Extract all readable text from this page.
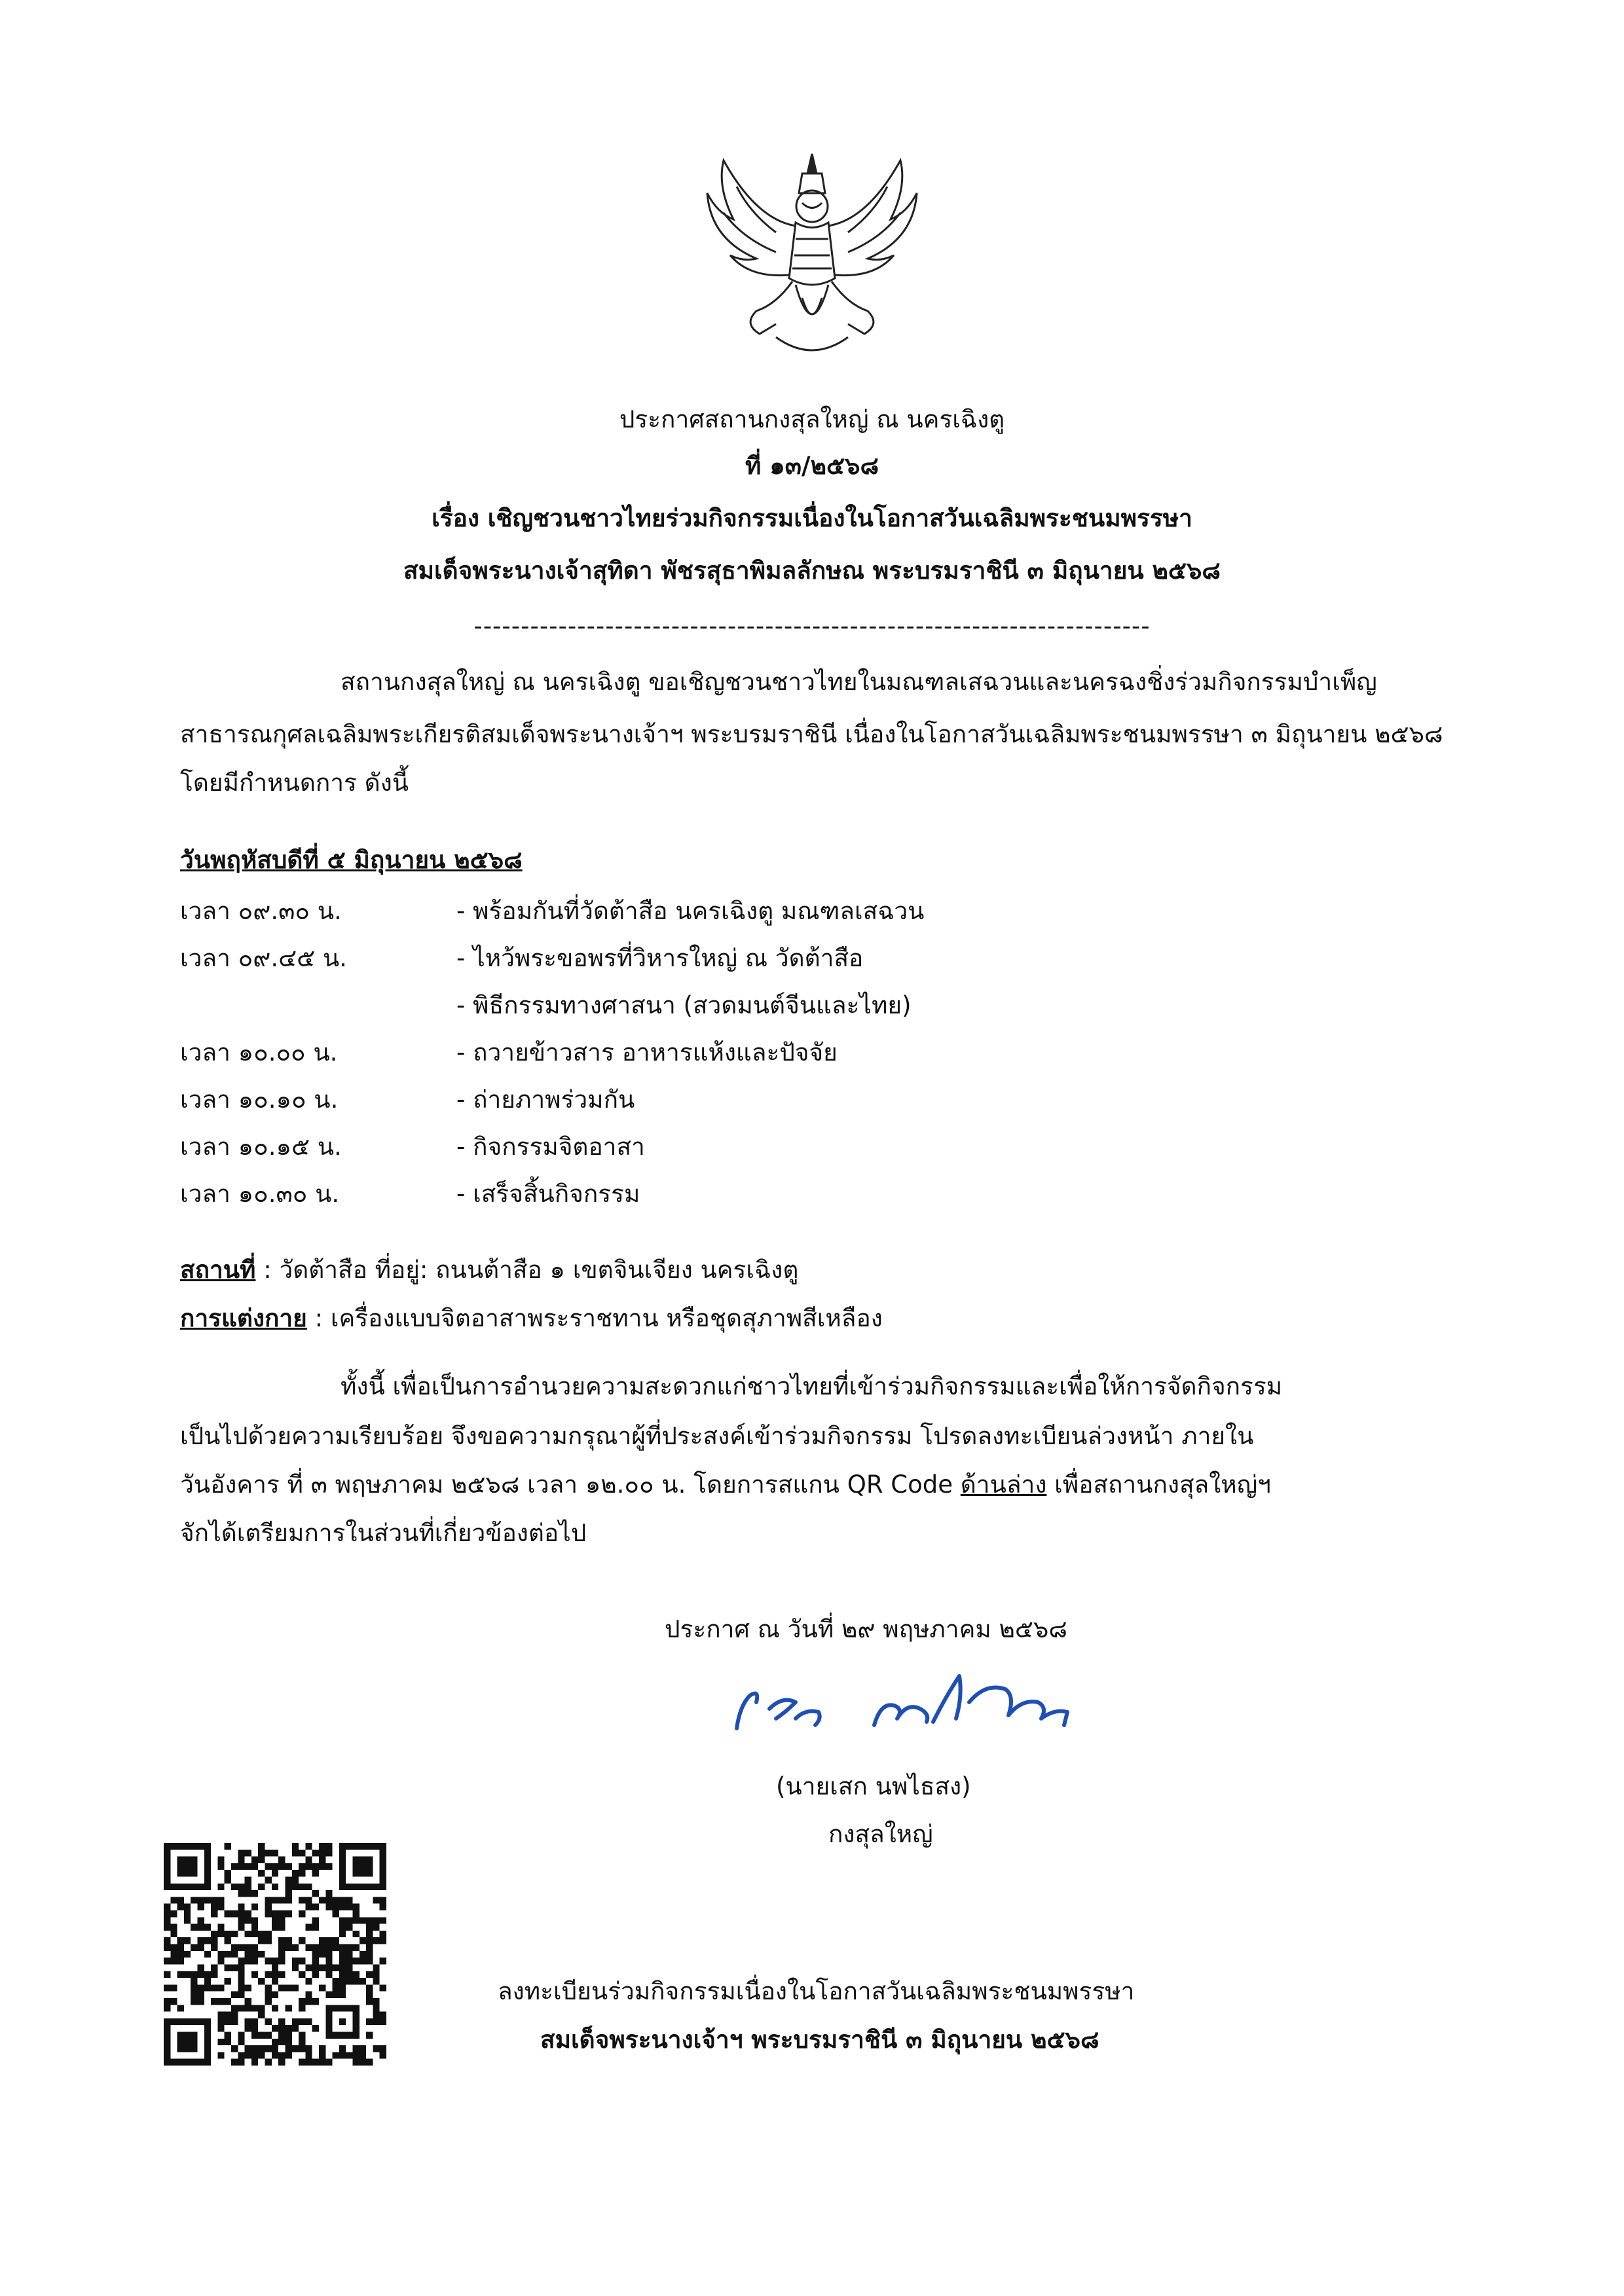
ประกาศสถานกงสุลใหญ่ ณ นครเฉิงตู
ที่ ๑๓/๒๕๖๘
เรื่อง เชิญชวนชาวไทยร่วมกิจกรรมเนื่องในโอกาสวันเฉลิมพระชนมพรรษา
สมเด็จพระนางเจ้าสุทิดา พัชรสุธาพิมลลักษณ พระบรมราชินี ๓ มิถุนายน ๒๕๖๘
------------------------------------------------------------------------
สถานกงสุลใหญ่ ณ นครเฉิงตู ขอเชิญชวนชาวไทยในมณฑลเสฉวนและนครฉงชิ่งร่วมกิจกรรมบำเพ็ญ
สาธารณกุศลเฉลิมพระเกียรติสมเด็จพระนางเจ้าฯ พระบรมราชินี เนื่องในโอกาสวันเฉลิมพระชนมพรรษา ๓ มิถุนายน ๒๕๖๘
โดยมีกำหนดการ ดังนี้
วันพฤหัสบดีที่ ๕ มิถุนายน ๒๕๖๘
เวลา ๐๙.๓๐ น.	- พร้อมกันที่วัดต้าสือ นครเฉิงตู มณฑลเสฉวน
เวลา ๐๙.๔๕ น.	- ไหว้พระขอพรที่วิหารใหญ่ ณ วัดต้าสือ
- พิธีกรรมทางศาสนา (สวดมนต์จีนและไทย)
เวลา ๑๐.๐๐ น.	- ถวายข้าวสาร อาหารแห้งและปัจจัย
เวลา ๑๐.๑๐ น.	- ถ่ายภาพร่วมกัน
เวลา ๑๐.๑๕ น.	- กิจกรรมจิตอาสา
เวลา ๑๐.๓๐ น.	- เสร็จสิ้นกิจกรรม
สถานที่ : วัดต้าสือ ที่อยู่: ถนนต้าสือ ๑ เขตจินเจียง นครเฉิงตู
การแต่งกาย : เครื่องแบบจิตอาสาพระราชทาน หรือชุดสุภาพสีเหลือง
ทั้งนี้ เพื่อเป็นการอำนวยความสะดวกแก่ชาวไทยที่เข้าร่วมกิจกรรมและเพื่อให้การจัดกิจกรรม
เป็นไปด้วยความเรียบร้อย จึงขอความกรุณาผู้ที่ประสงค์เข้าร่วมกิจกรรม โปรดลงทะเบียนล่วงหน้า ภายใน
วันอังคาร ที่ ๓ พฤษภาคม ๒๕๖๘ เวลา ๑๒.๐๐ น. โดยการสแกน QR Code ด้านล่าง เพื่อสถานกงสุลใหญ่ฯ
จักได้เตรียมการในส่วนที่เกี่ยวข้องต่อไป
ประกาศ ณ วันที่ ๒๙ พฤษภาคม ๒๕๖๘
(นายเสก นพไธสง)
กงสุลใหญ่
ลงทะเบียนร่วมกิจกรรมเนื่องในโอกาสวันเฉลิมพระชนมพรรษา
สมเด็จพระนางเจ้าฯ พระบรมราชินี ๓ มิถุนายน ๒๕๖๘
